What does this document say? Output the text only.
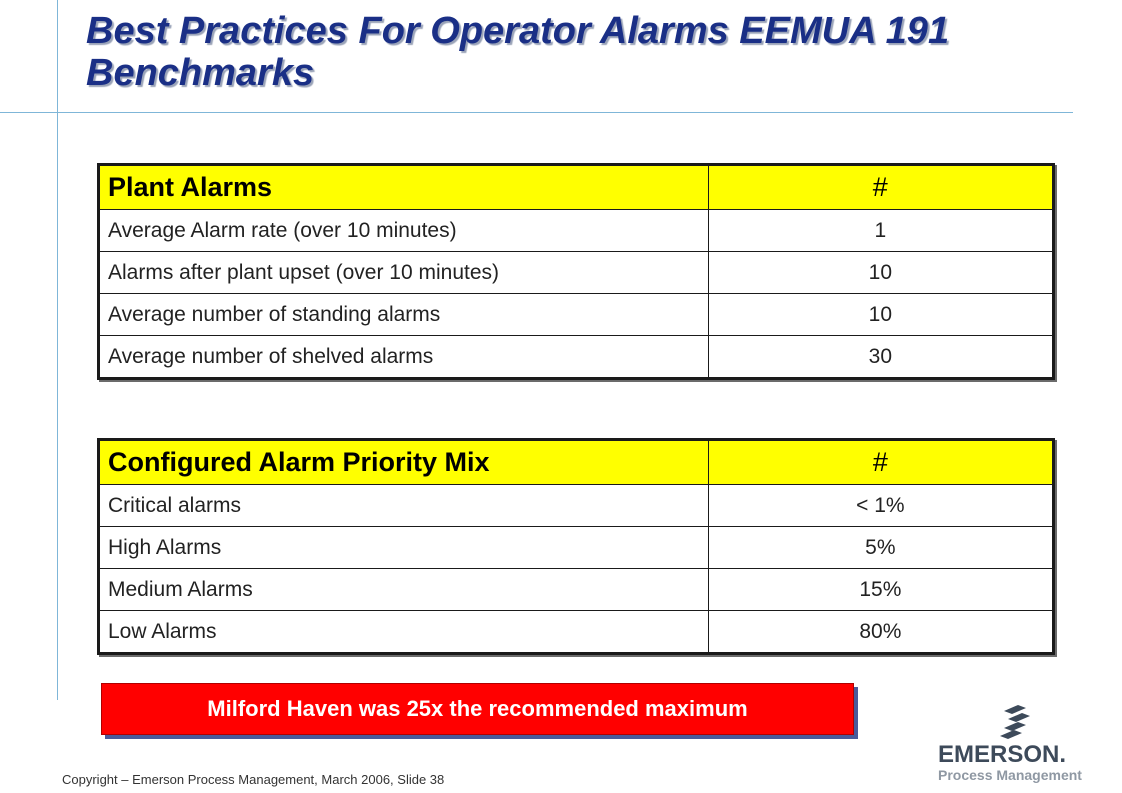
Best Practices For Operator Alarms EEMUA 191 Benchmarks
Plant Alarms	#
Average Alarm rate (over 10 minutes)	1
Alarms after plant upset (over 10 minutes)	10
Average number of standing alarms	10
Average number of shelved alarms	30
Configured Alarm Priority Mix	#
Critical alarms	< 1%
High Alarms	5%
Medium Alarms	15%
Low Alarms	80%
Milford Haven was 25x the recommended maximum
Copyright – Emerson Process Management, March 2006, Slide 38
EMERSON.
Process Management
